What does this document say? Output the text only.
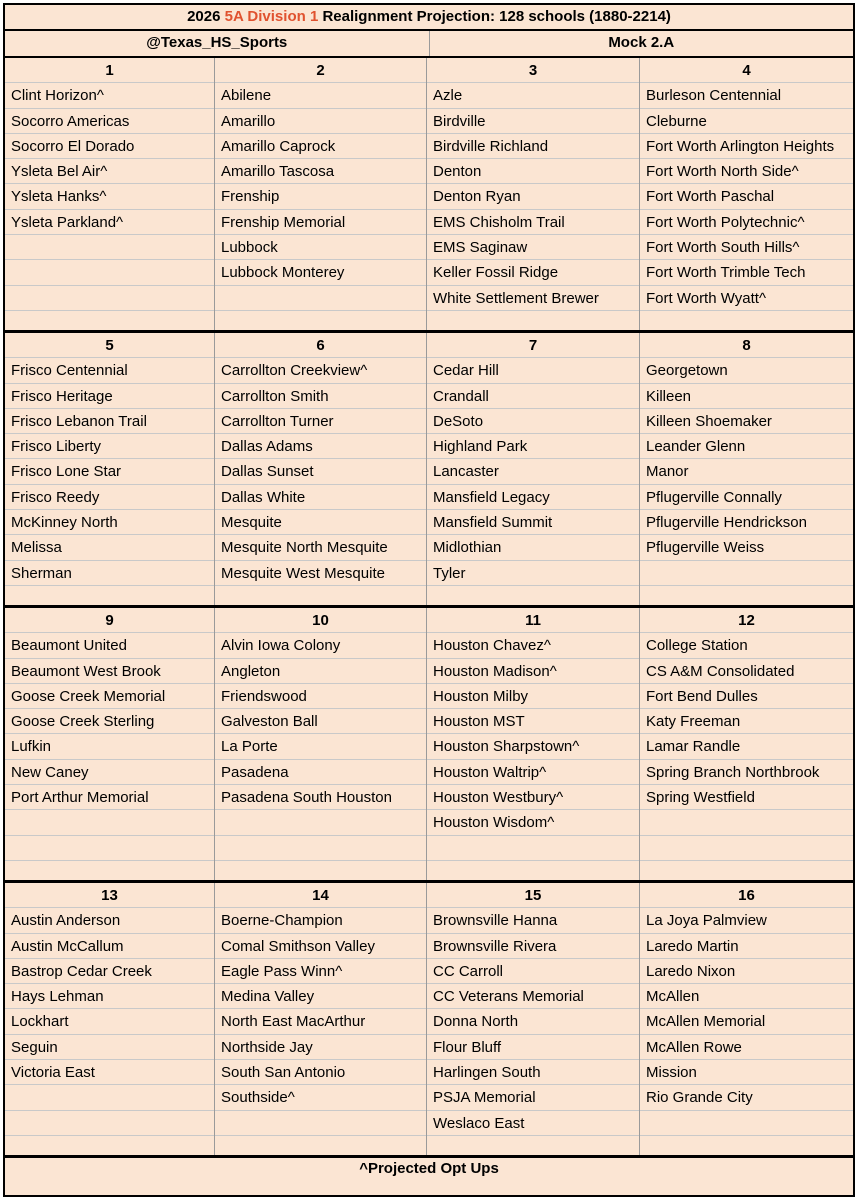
2026 5A Division 1 Realignment Projection: 128 schools (1880-2214)
@Texas_HS_Sports	Mock 2.A
1
Clint Horizon^
Socorro Americas
Socorro El Dorado
Ysleta Bel Air^
Ysleta Hanks^
Ysleta Parkland^
2
Abilene
Amarillo
Amarillo Caprock
Amarillo Tascosa
Frenship
Frenship Memorial
Lubbock
Lubbock Monterey
3
Azle
Birdville
Birdville Richland
Denton
Denton Ryan
EMS Chisholm Trail
EMS Saginaw
Keller Fossil Ridge
White Settlement Brewer
4
Burleson Centennial
Cleburne
Fort Worth Arlington Heights
Fort Worth North Side^
Fort Worth Paschal
Fort Worth Polytechnic^
Fort Worth South Hills^
Fort Worth Trimble Tech
Fort Worth Wyatt^
5
Frisco Centennial
Frisco Heritage
Frisco Lebanon Trail
Frisco Liberty
Frisco Lone Star
Frisco Reedy
McKinney North
Melissa
Sherman
6
Carrollton Creekview^
Carrollton Smith
Carrollton Turner
Dallas Adams
Dallas Sunset
Dallas White
Mesquite
Mesquite North Mesquite
Mesquite West Mesquite
7
Cedar Hill
Crandall
DeSoto
Highland Park
Lancaster
Mansfield Legacy
Mansfield Summit
Midlothian
Tyler
8
Georgetown
Killeen
Killeen Shoemaker
Leander Glenn
Manor
Pflugerville Connally
Pflugerville Hendrickson
Pflugerville Weiss
9
Beaumont United
Beaumont West Brook
Goose Creek Memorial
Goose Creek Sterling
Lufkin
New Caney
Port Arthur Memorial
10
Alvin Iowa Colony
Angleton
Friendswood
Galveston Ball
La Porte
Pasadena
Pasadena South Houston
11
Houston Chavez^
Houston Madison^
Houston Milby
Houston MST
Houston Sharpstown^
Houston Waltrip^
Houston Westbury^
Houston Wisdom^
12
College Station
CS A&M Consolidated
Fort Bend Dulles
Katy Freeman
Lamar Randle
Spring Branch Northbrook
Spring Westfield
13
Austin Anderson
Austin McCallum
Bastrop Cedar Creek
Hays Lehman
Lockhart
Seguin
Victoria East
14
Boerne-Champion
Comal Smithson Valley
Eagle Pass Winn^
Medina Valley
North East MacArthur
Northside Jay
South San Antonio
Southside^
15
Brownsville Hanna
Brownsville Rivera
CC Carroll
CC Veterans Memorial
Donna North
Flour Bluff
Harlingen South
PSJA Memorial
Weslaco East
16
La Joya Palmview
Laredo Martin
Laredo Nixon
McAllen
McAllen Memorial
McAllen Rowe
Mission
Rio Grande City
^Projected Opt Ups
